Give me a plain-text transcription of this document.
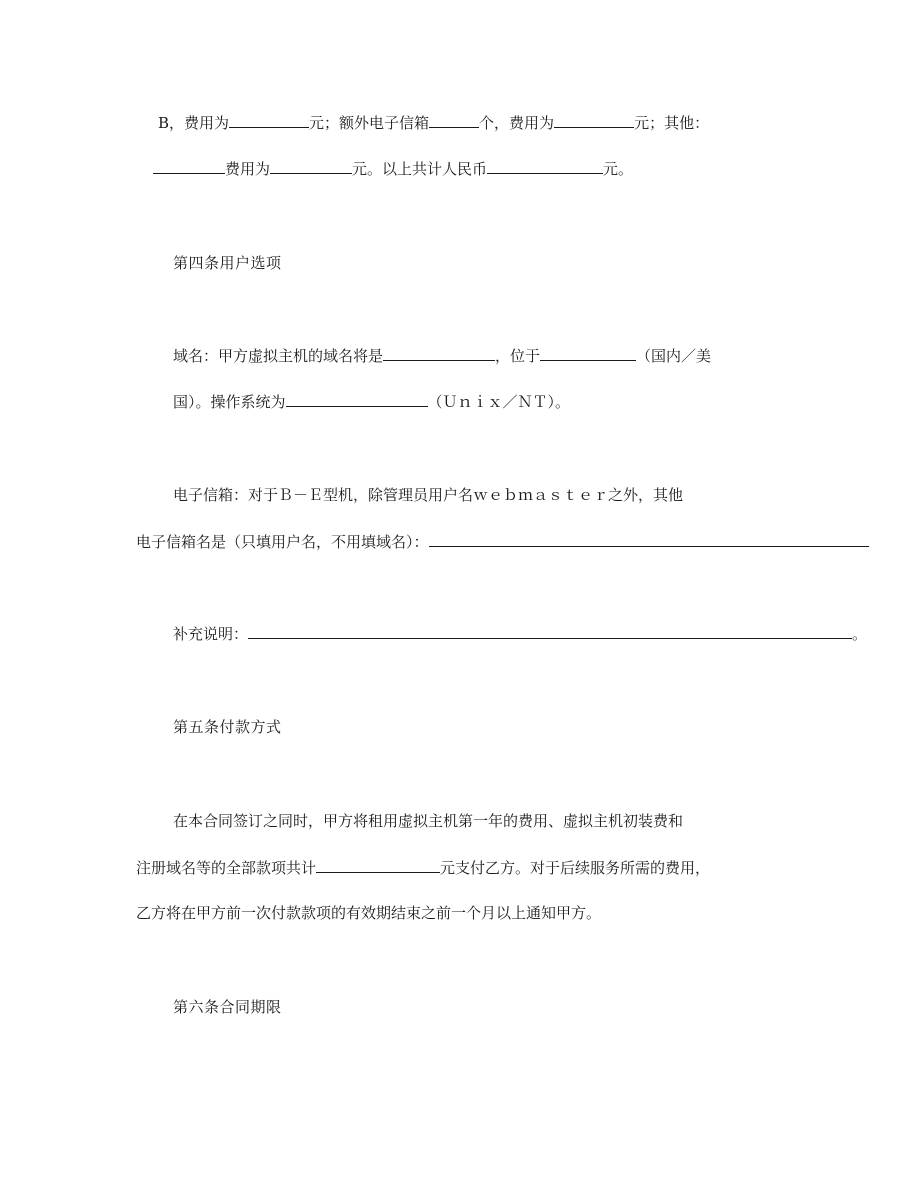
B，费用为	元；额外电子信箱	个，费用为	元；其他：
费用为	元。以上共计人民币	元。
第四条用户选项
域名：甲方虚拟主机的域名将是	，位于	（国内／美
国）。操作系统为	（Ｕｎｉｘ／ＮＴ）。
电子信箱：对于Ｂ－Ｅ型机，除管理员用户名ｗｅｂｍａｓｔｅｒ之外，其他
电子信箱名是（只填用户名，不用填域名）：
补充说明：	。
第五条付款方式
在本合同签订之同时，甲方将租用虚拟主机第一年的费用、虚拟主机初装费和
注册域名等的全部款项共计	元支付乙方。对于后续服务所需的费用，
乙方将在甲方前一次付款款项的有效期结束之前一个月以上通知甲方。
第六条合同期限
